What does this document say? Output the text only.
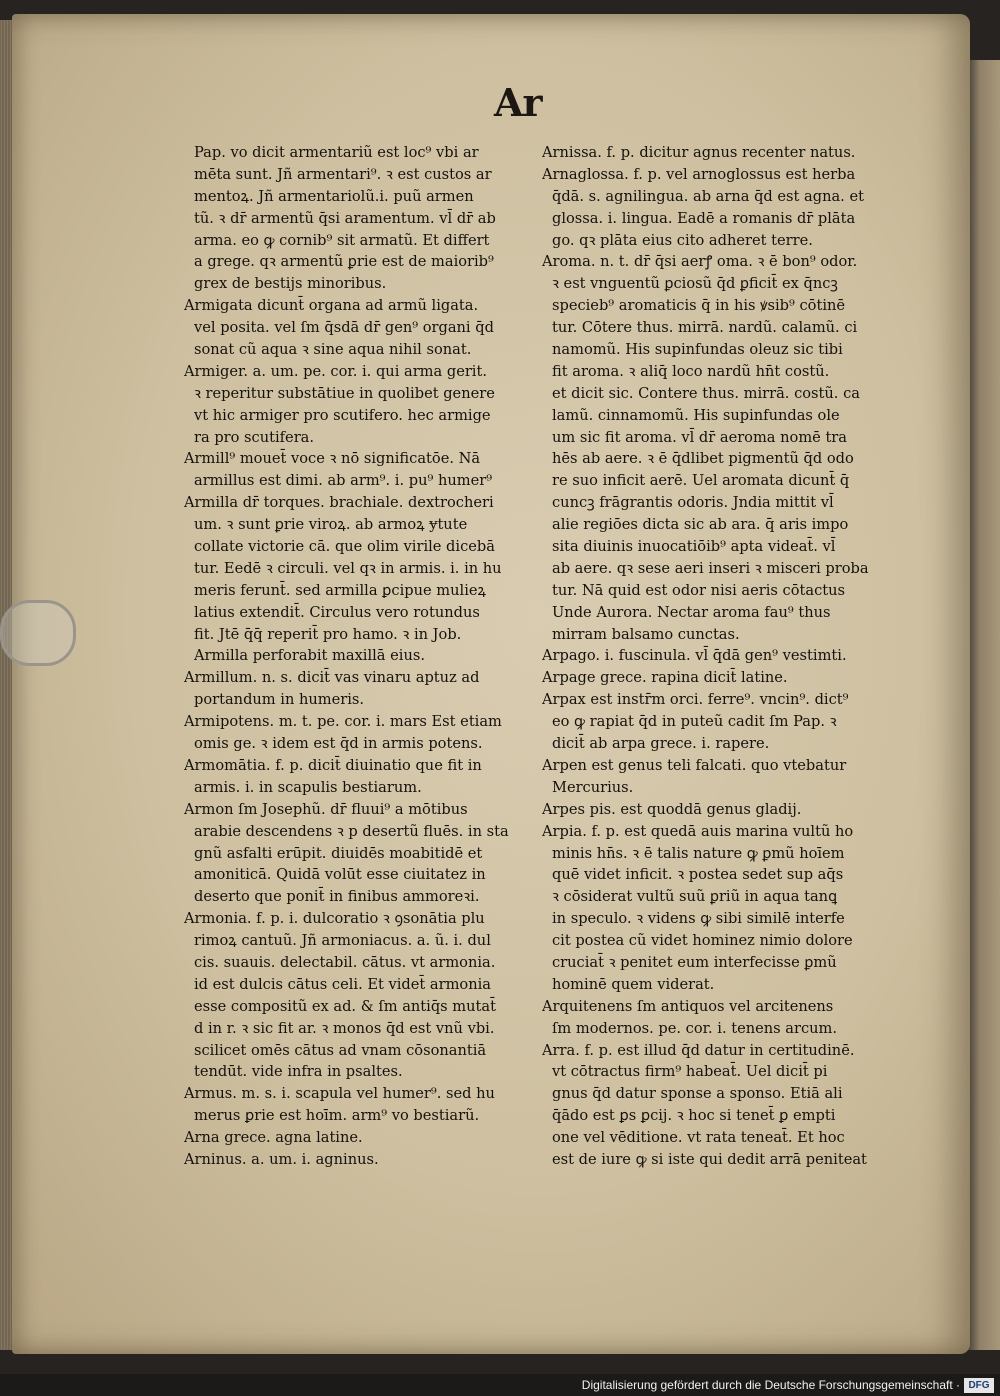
Ar
Pap. vo dicit armentariũ est loc⁹ vbi ar
mēta sunt. Jñ armentari⁹. ꝛ est custos ar
mentoꝝ. Jñ armentariolũ.i. puũ armen
tũ. ꝛ dr̄ armentũ q̄si aramentum. vl̄ dr̄ ab
arma. eo ꝙ cornib⁹ sit armatũ. Et differt
a grege. qꝛ armentũ ꝑrie est de maiorib⁹
grex de bestijs minoribus.
Armigata dicunt̄ organa ad armũ ligata.
vel posita. vel ſm q̄sdā dr̄ gen⁹ organi q̄d
sonat cũ aqua ꝛ sine aqua nihil sonat.
Armiger. a. um. pe. cor. i. qui arma gerit.
ꝛ reperitur substātiue in quolibet genere
vt hic armiger pro scutifero. hec armige
ra pro scutifera.
Armill⁹ mouet̄ voce ꝛ nō significatōe. Nā
armillus est dimi. ab arm⁹. i. pu⁹ humer⁹
Armilla dr̄ torques. brachiale. dextrocheri
um. ꝛ sunt ꝑrie viroꝝ. ab armoꝝ ɏtute
collate victorie cā. que olim virile dicebā
tur. Eedē ꝛ circuli. vel qꝛ in armis. i. in hu
meris ferunt̄. sed armilla ꝑcipue mulieꝝ
latius extendit̄. Circulus vero rotundus
fit. Jtē q̄q̄ reperit̄ pro hamo. ꝛ in Job.
Armilla perforabit maxillā eius.
Armillum. n. s. dicit̄ vas vinaru aptuz ad
portandum in humeris.
Armipotens. m. t. pe. cor. i. mars Est etiam
omis ge. ꝛ idem est q̄d in armis potens.
Armomātia. f. p. dicit̄ diuinatio que fit in
armis. i. in scapulis bestiarum.
Armon ſm Josephũ. dr̄ fluui⁹ a mōtibus
arabie descendens ꝛ p desertũ fluēs. in sta
gnũ asfalti erūpit. diuidēs moabitidē et
amoniticā. Quidā volūt esse ciuitatez in
deserto que ponit̄ in finibus ammoreꝛi.
Armonia. f. p. i. dulcoratio ꝛ ꝯsonātia plu
rimoꝝ cantuũ. Jñ armoniacus. a. ũ. i. dul
cis. suauis. delectabil. cātus. vt armonia.
id est dulcis cātus celi. Et videt̄ armonia
esse compositũ ex ad. & ſm antiq̄s mutat̄
d in r. ꝛ sic fit ar. ꝛ monos q̄d est vnũ vbi.
scilicet omēs cātus ad vnam cōsonantiā
tendūt. vide infra in psaltes.
Armus. m. s. i. scapula vel humer⁹. sed hu
merus ꝑrie est hoīm. arm⁹ vo bestiarũ.
Arna grece. agna latine.
Arninus. a. um. i. agninus.
Arnissa. f. p. dicitur agnus recenter natus.
Arnaglossa. f. p. vel arnoglossus est herba
q̄dā. s. agnilingua. ab arna q̄d est agna. et
glossa. i. lingua. Eadē a romanis dr̄ plāta
go. qꝛ plāta eius cito adheret terre.
Aroma. n. t. dr̄ q̄si aerꝭ oma. ꝛ ē bon⁹ odor.
ꝛ est vnguentũ ꝑciosũ q̄d ꝑficit̄ ex q̄ncꝫ
specieb⁹ aromaticis q̄ in his ꝟsib⁹ cōtinē
tur. Cōtere thus. mirrā. nardũ. calamũ. ci
namomũ. His supinfundas oleuz sic tibi
fit aroma. ꝛ aliq̄ loco nardũ hn̄t costũ.
et dicit sic. Contere thus. mirrā. costũ. ca
lamũ. cinnamomũ. His supinfundas ole
um sic fit aroma. vl̄ dr̄ aeroma nomē tra
hēs ab aere. ꝛ ē q̄dlibet pigmentũ q̄d odo
re suo inficit aerē. Uel aromata dicunt̄ q̄
cuncꝫ frāgrantis odoris. Jndia mittit vl̄
alie regiōes dicta sic ab ara. q̄ aris impo
sita diuinis inuocatiōib⁹ apta videat̄. vl̄
ab aere. qꝛ sese aeri inseri ꝛ misceri proba
tur. Nā quid est odor nisi aeris cōtactus
Unde Aurora. Nectar aroma fau⁹ thus
mirram balsamo cunctas.
Arpago. i. fuscinula. vl̄ q̄dā gen⁹ vestimti.
Arpage grece. rapina dicit̄ latine.
Arpax est instr̄m orci. ferre⁹. vncin⁹. dict⁹
eo ꝙ rapiat q̄d in puteũ cadit ſm Pap. ꝛ
dicit̄ ab arpa grece. i. rapere.
Arpen est genus teli falcati. quo vtebatur
Mercurius.
Arpes pis. est quoddā genus gladij.
Arpia. f. p. est quedā auis marina vultũ ho
minis hn̄s. ꝛ ē talis nature ꝙ ꝑmũ hoīem
quē videt inficit. ꝛ postea sedet sup aq̄s
ꝛ cōsiderat vultũ suũ ꝑriũ in aqua tanꝗ
in speculo. ꝛ videns ꝙ sibi similē interfe
cit postea cũ videt hominez nimio dolore
cruciat̄ ꝛ penitet eum interfecisse ꝑmũ
hominē quem viderat.
Arquitenens ſm antiquos vel arcitenens
ſm modernos. pe. cor. i. tenens arcum.
Arra. f. p. est illud q̄d datur in certitudinē.
vt cōtractus firm⁹ habeat̄. Uel dicit̄ pi
gnus q̄d datur sponse a sponso. Etiā ali
q̄ādo est ꝑs ꝑcij. ꝛ hoc si tenet̄ ꝑ empti
one vel vēditione. vt rata teneat̄. Et hoc
est de iure ꝙ si iste qui dedit arrā peniteat
Digitalisierung gefördert durch die Deutsche Forschungsgemeinschaft · DFG
